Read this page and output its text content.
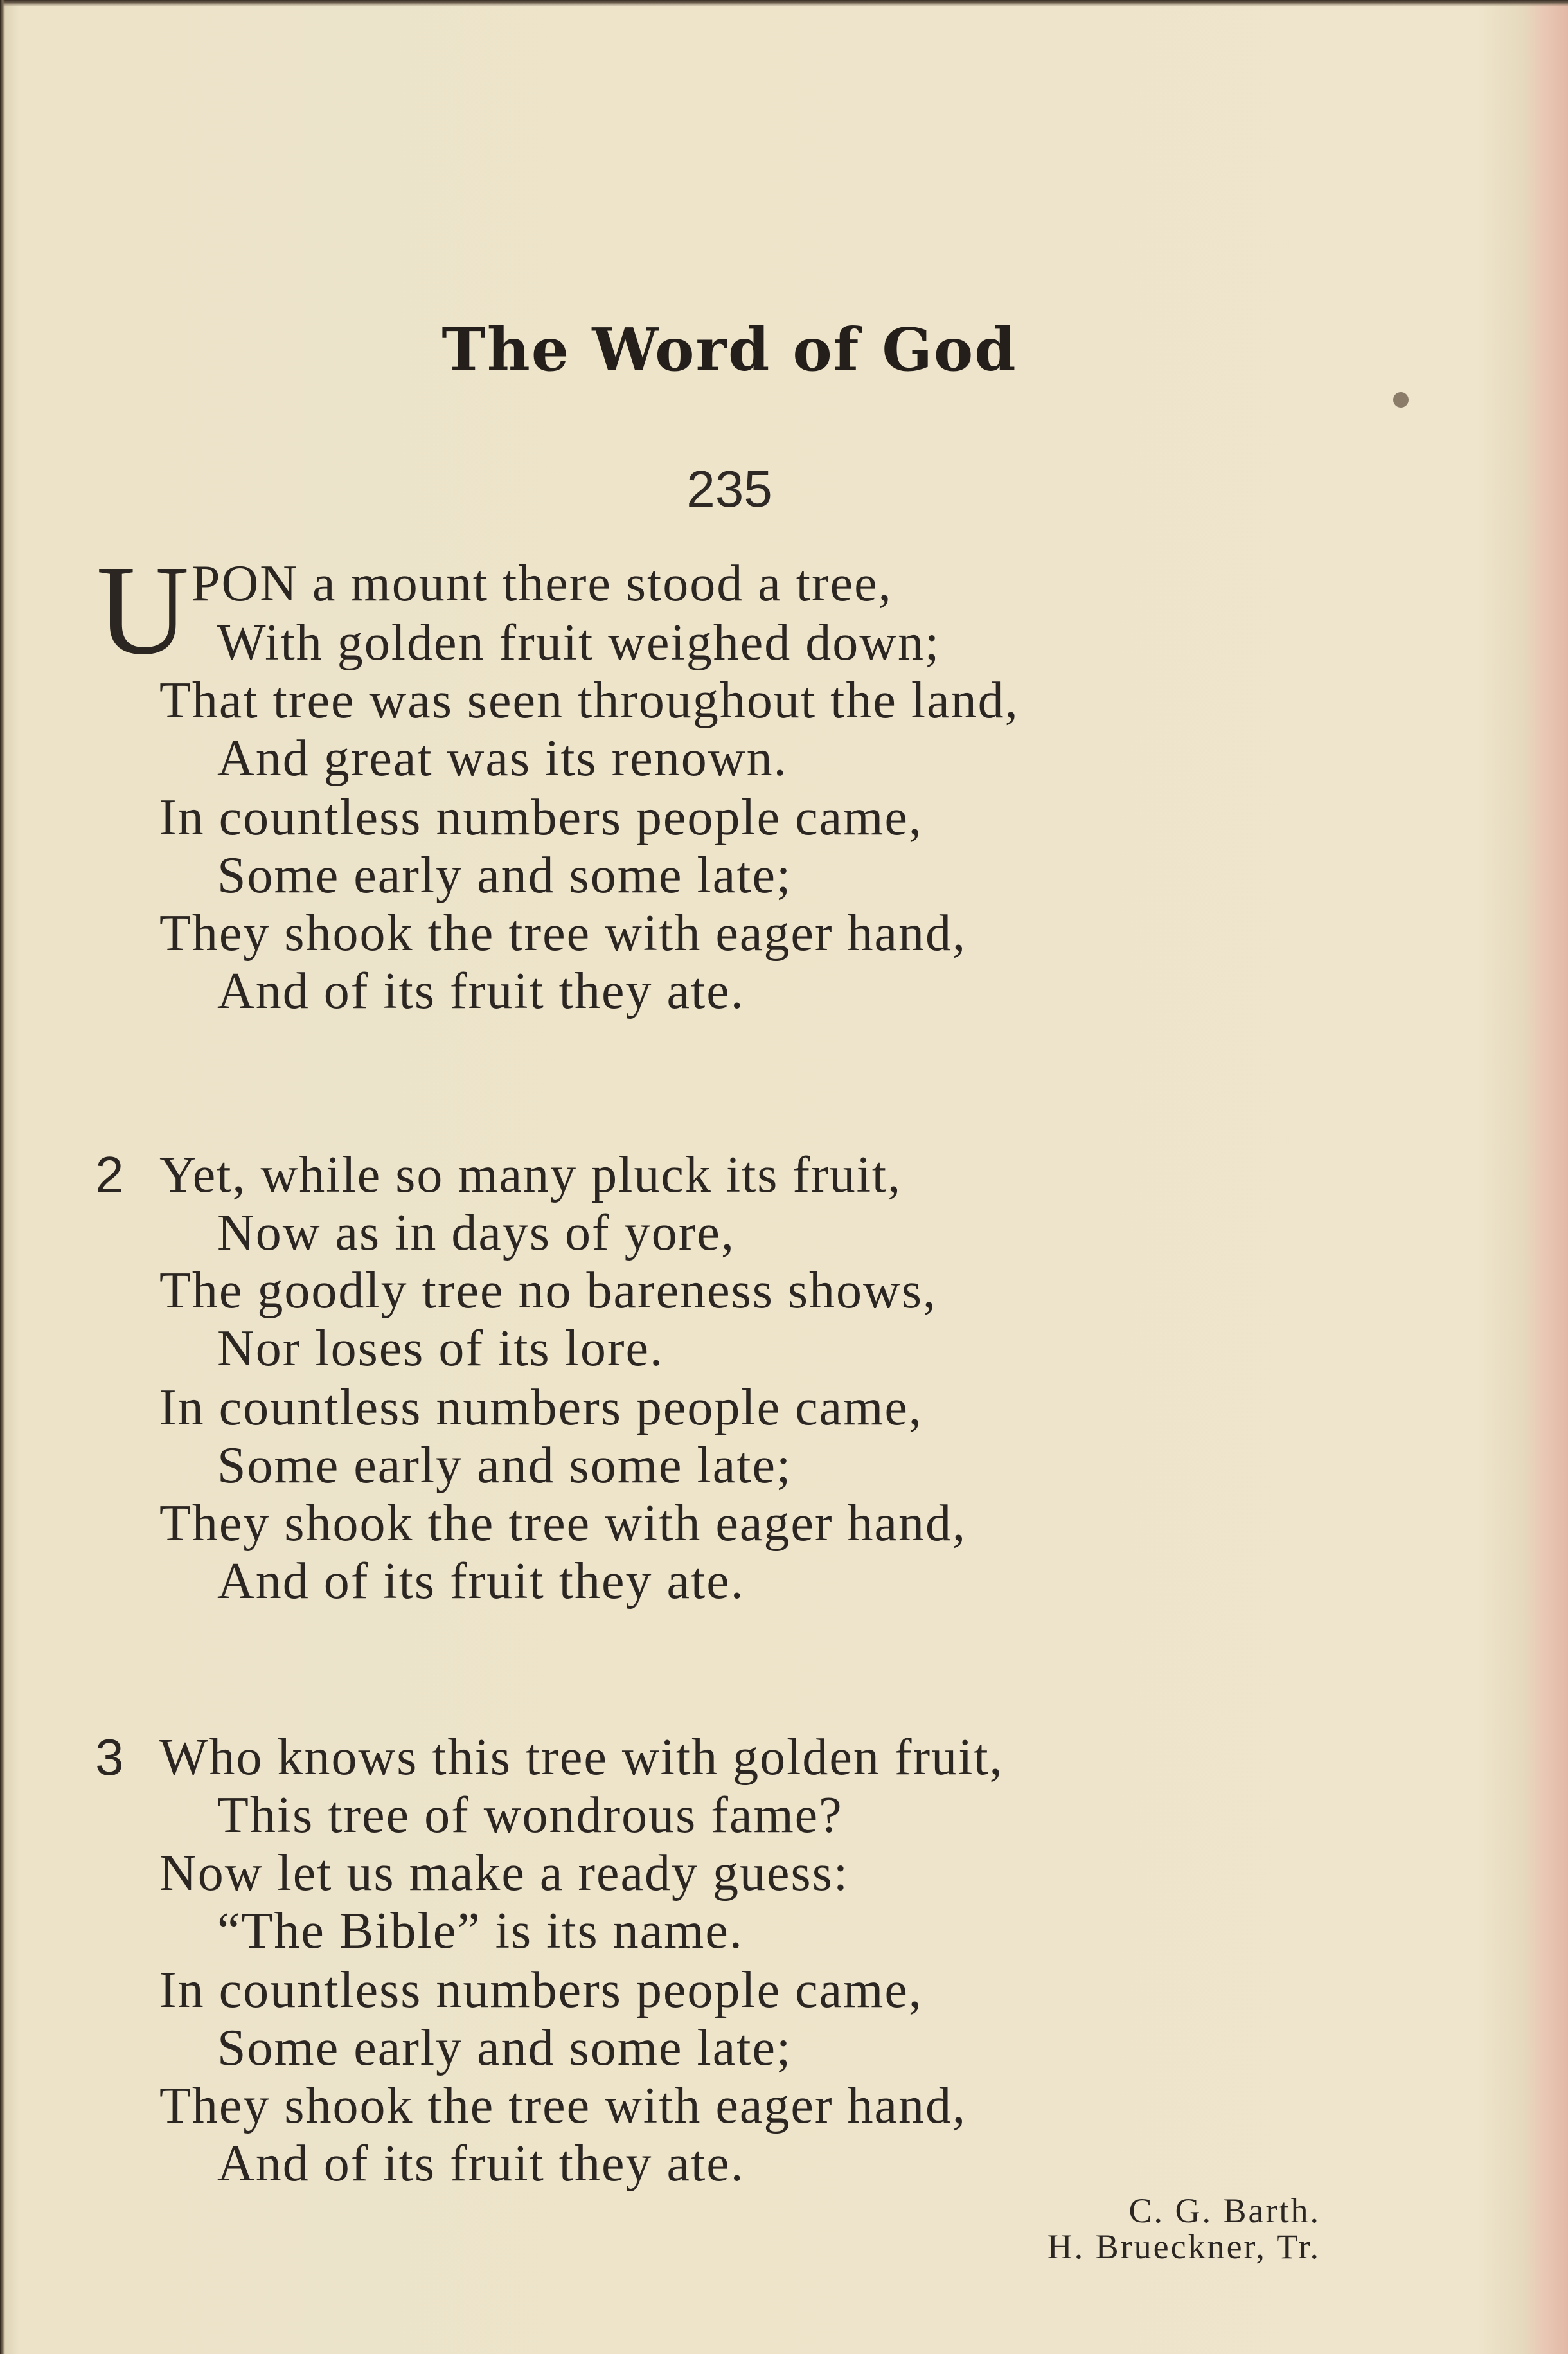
The Word of God
235
U PON a mount there stood a tree,
With golden fruit weighed down;
That tree was seen throughout the land,
And great was its renown.
In countless numbers people came,
Some early and some late;
They shook the tree with eager hand,
And of its fruit they ate.
2 Yet, while so many pluck its fruit,
Now as in days of yore,
The goodly tree no bareness shows,
Nor loses of its lore.
In countless numbers people came,
Some early and some late;
They shook the tree with eager hand,
And of its fruit they ate.
3 Who knows this tree with golden fruit,
This tree of wondrous fame?
Now let us make a ready guess:
“The Bible” is its name.
In countless numbers people came,
Some early and some late;
They shook the tree with eager hand,
And of its fruit they ate.
C. G. Barth.
H. Brueckner, Tr.
